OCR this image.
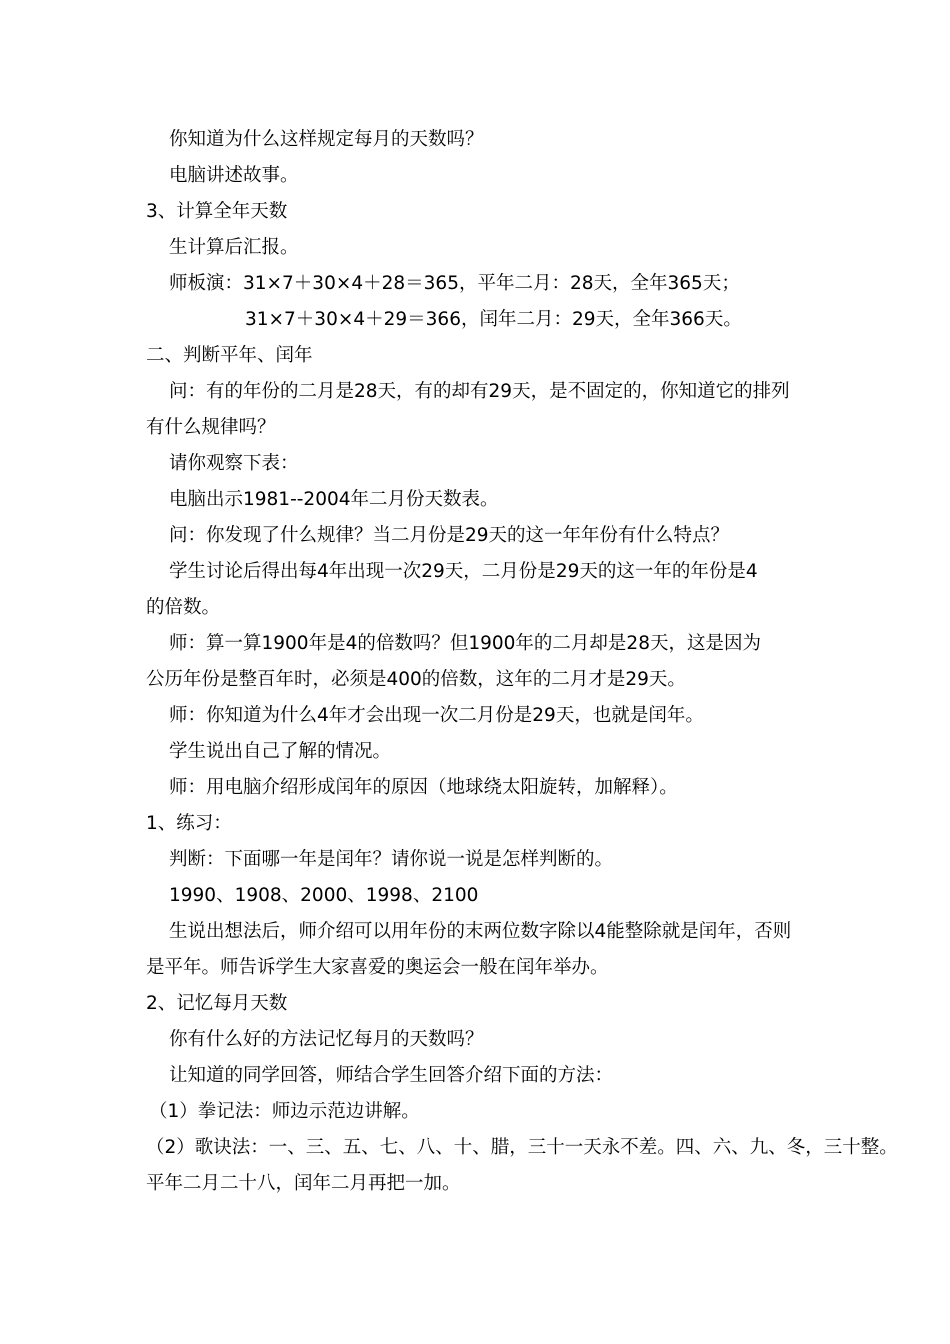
你知道为什么这样规定每月的天数吗？
电脑讲述故事。
3、计算全年天数
生计算后汇报。
师板演：31×7＋30×4＋28＝365，平年二月：28天，全年365天；
31×7＋30×4＋29＝366，闰年二月：29天，全年366天。
二、判断平年、闰年
问：有的年份的二月是28天，有的却有29天，是不固定的，你知道它的排列
有什么规律吗？
请你观察下表：
电脑出示1981--2004年二月份天数表。
问：你发现了什么规律？当二月份是29天的这一年年份有什么特点？
学生讨论后得出每4年出现一次29天，二月份是29天的这一年的年份是4
的倍数。
师：算一算1900年是4的倍数吗？但1900年的二月却是28天，这是因为
公历年份是整百年时，必须是400的倍数，这年的二月才是29天。
师：你知道为什么4年才会出现一次二月份是29天，也就是闰年。
学生说出自己了解的情况。
师：用电脑介绍形成闰年的原因（地球绕太阳旋转，加解释）。
1、练习：
判断：下面哪一年是闰年？请你说一说是怎样判断的。
1990、1908、2000、1998、2100
生说出想法后，师介绍可以用年份的末两位数字除以4能整除就是闰年，否则
是平年。师告诉学生大家喜爱的奥运会一般在闰年举办。
2、记忆每月天数
你有什么好的方法记忆每月的天数吗？
让知道的同学回答，师结合学生回答介绍下面的方法：
（1）拳记法：师边示范边讲解。
（2）歌诀法：一、三、五、七、八、十、腊，三十一天永不差。四、六、九、冬，三十整。
平年二月二十八，闰年二月再把一加。
